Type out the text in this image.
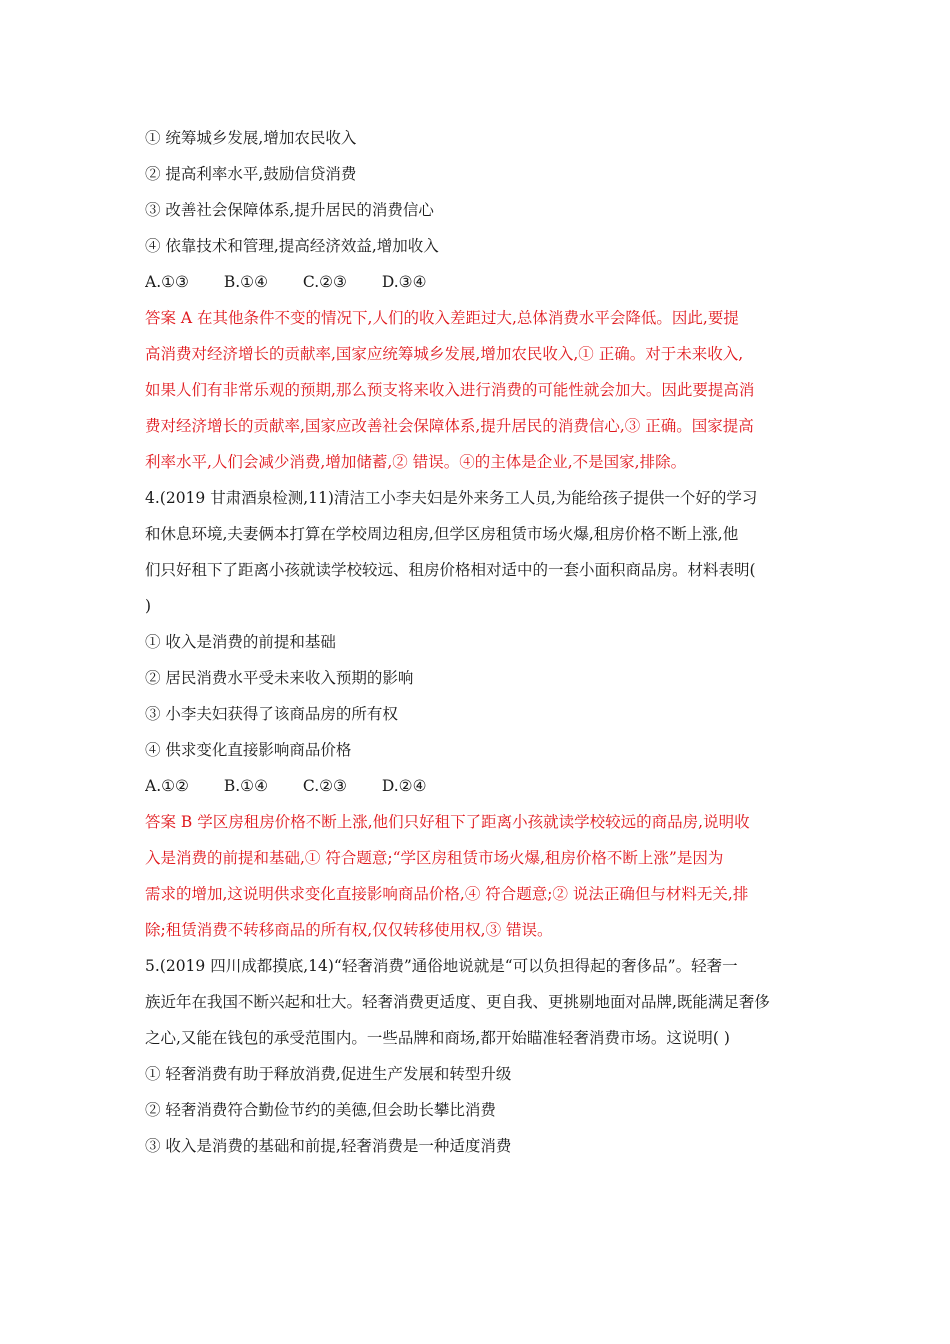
① 统筹城乡发展,增加农民收入
② 提高利率水平,鼓励信贷消费
③ 改善社会保障体系,提升居民的消费信心
④ 依靠技术和管理,提高经济效益,增加收入
A.①③ B.①④ C.②③ D.③④
答案 A 在其他条件不变的情况下,人们的收入差距过大,总体消费水平会降低。因此,要提
高消费对经济增长的贡献率,国家应统筹城乡发展,增加农民收入,① 正确。对于未来收入,
如果人们有非常乐观的预期,那么预支将来收入进行消费的可能性就会加大。因此要提高消
费对经济增长的贡献率,国家应改善社会保障体系,提升居民的消费信心,③ 正确。国家提高
利率水平,人们会减少消费,增加储蓄,② 错误。④的主体是企业,不是国家,排除。
4.(2019 甘肃酒泉检测,11)清洁工小李夫妇是外来务工人员,为能给孩子提供一个好的学习
和休息环境,夫妻俩本打算在学校周边租房,但学区房租赁市场火爆,租房价格不断上涨,他
们只好租下了距离小孩就读学校较远、租房价格相对适中的一套小面积商品房。材料表明(
)
① 收入是消费的前提和基础
② 居民消费水平受未来收入预期的影响
③ 小李夫妇获得了该商品房的所有权
④ 供求变化直接影响商品价格
A.①② B.①④ C.②③ D.②④
答案 B 学区房租房价格不断上涨,他们只好租下了距离小孩就读学校较远的商品房,说明收
入是消费的前提和基础,① 符合题意;“学区房租赁市场火爆,租房价格不断上涨”是因为
需求的增加,这说明供求变化直接影响商品价格,④ 符合题意;② 说法正确但与材料无关,排
除;租赁消费不转移商品的所有权,仅仅转移使用权,③ 错误。
5.(2019 四川成都摸底,14)“轻奢消费”通俗地说就是“可以负担得起的奢侈品”。轻奢一
族近年在我国不断兴起和壮大。轻奢消费更适度、更自我、更挑剔地面对品牌,既能满足奢侈
之心,又能在钱包的承受范围内。一些品牌和商场,都开始瞄准轻奢消费市场。这说明( )
① 轻奢消费有助于释放消费,促进生产发展和转型升级
② 轻奢消费符合勤俭节约的美德,但会助长攀比消费
③ 收入是消费的基础和前提,轻奢消费是一种适度消费
